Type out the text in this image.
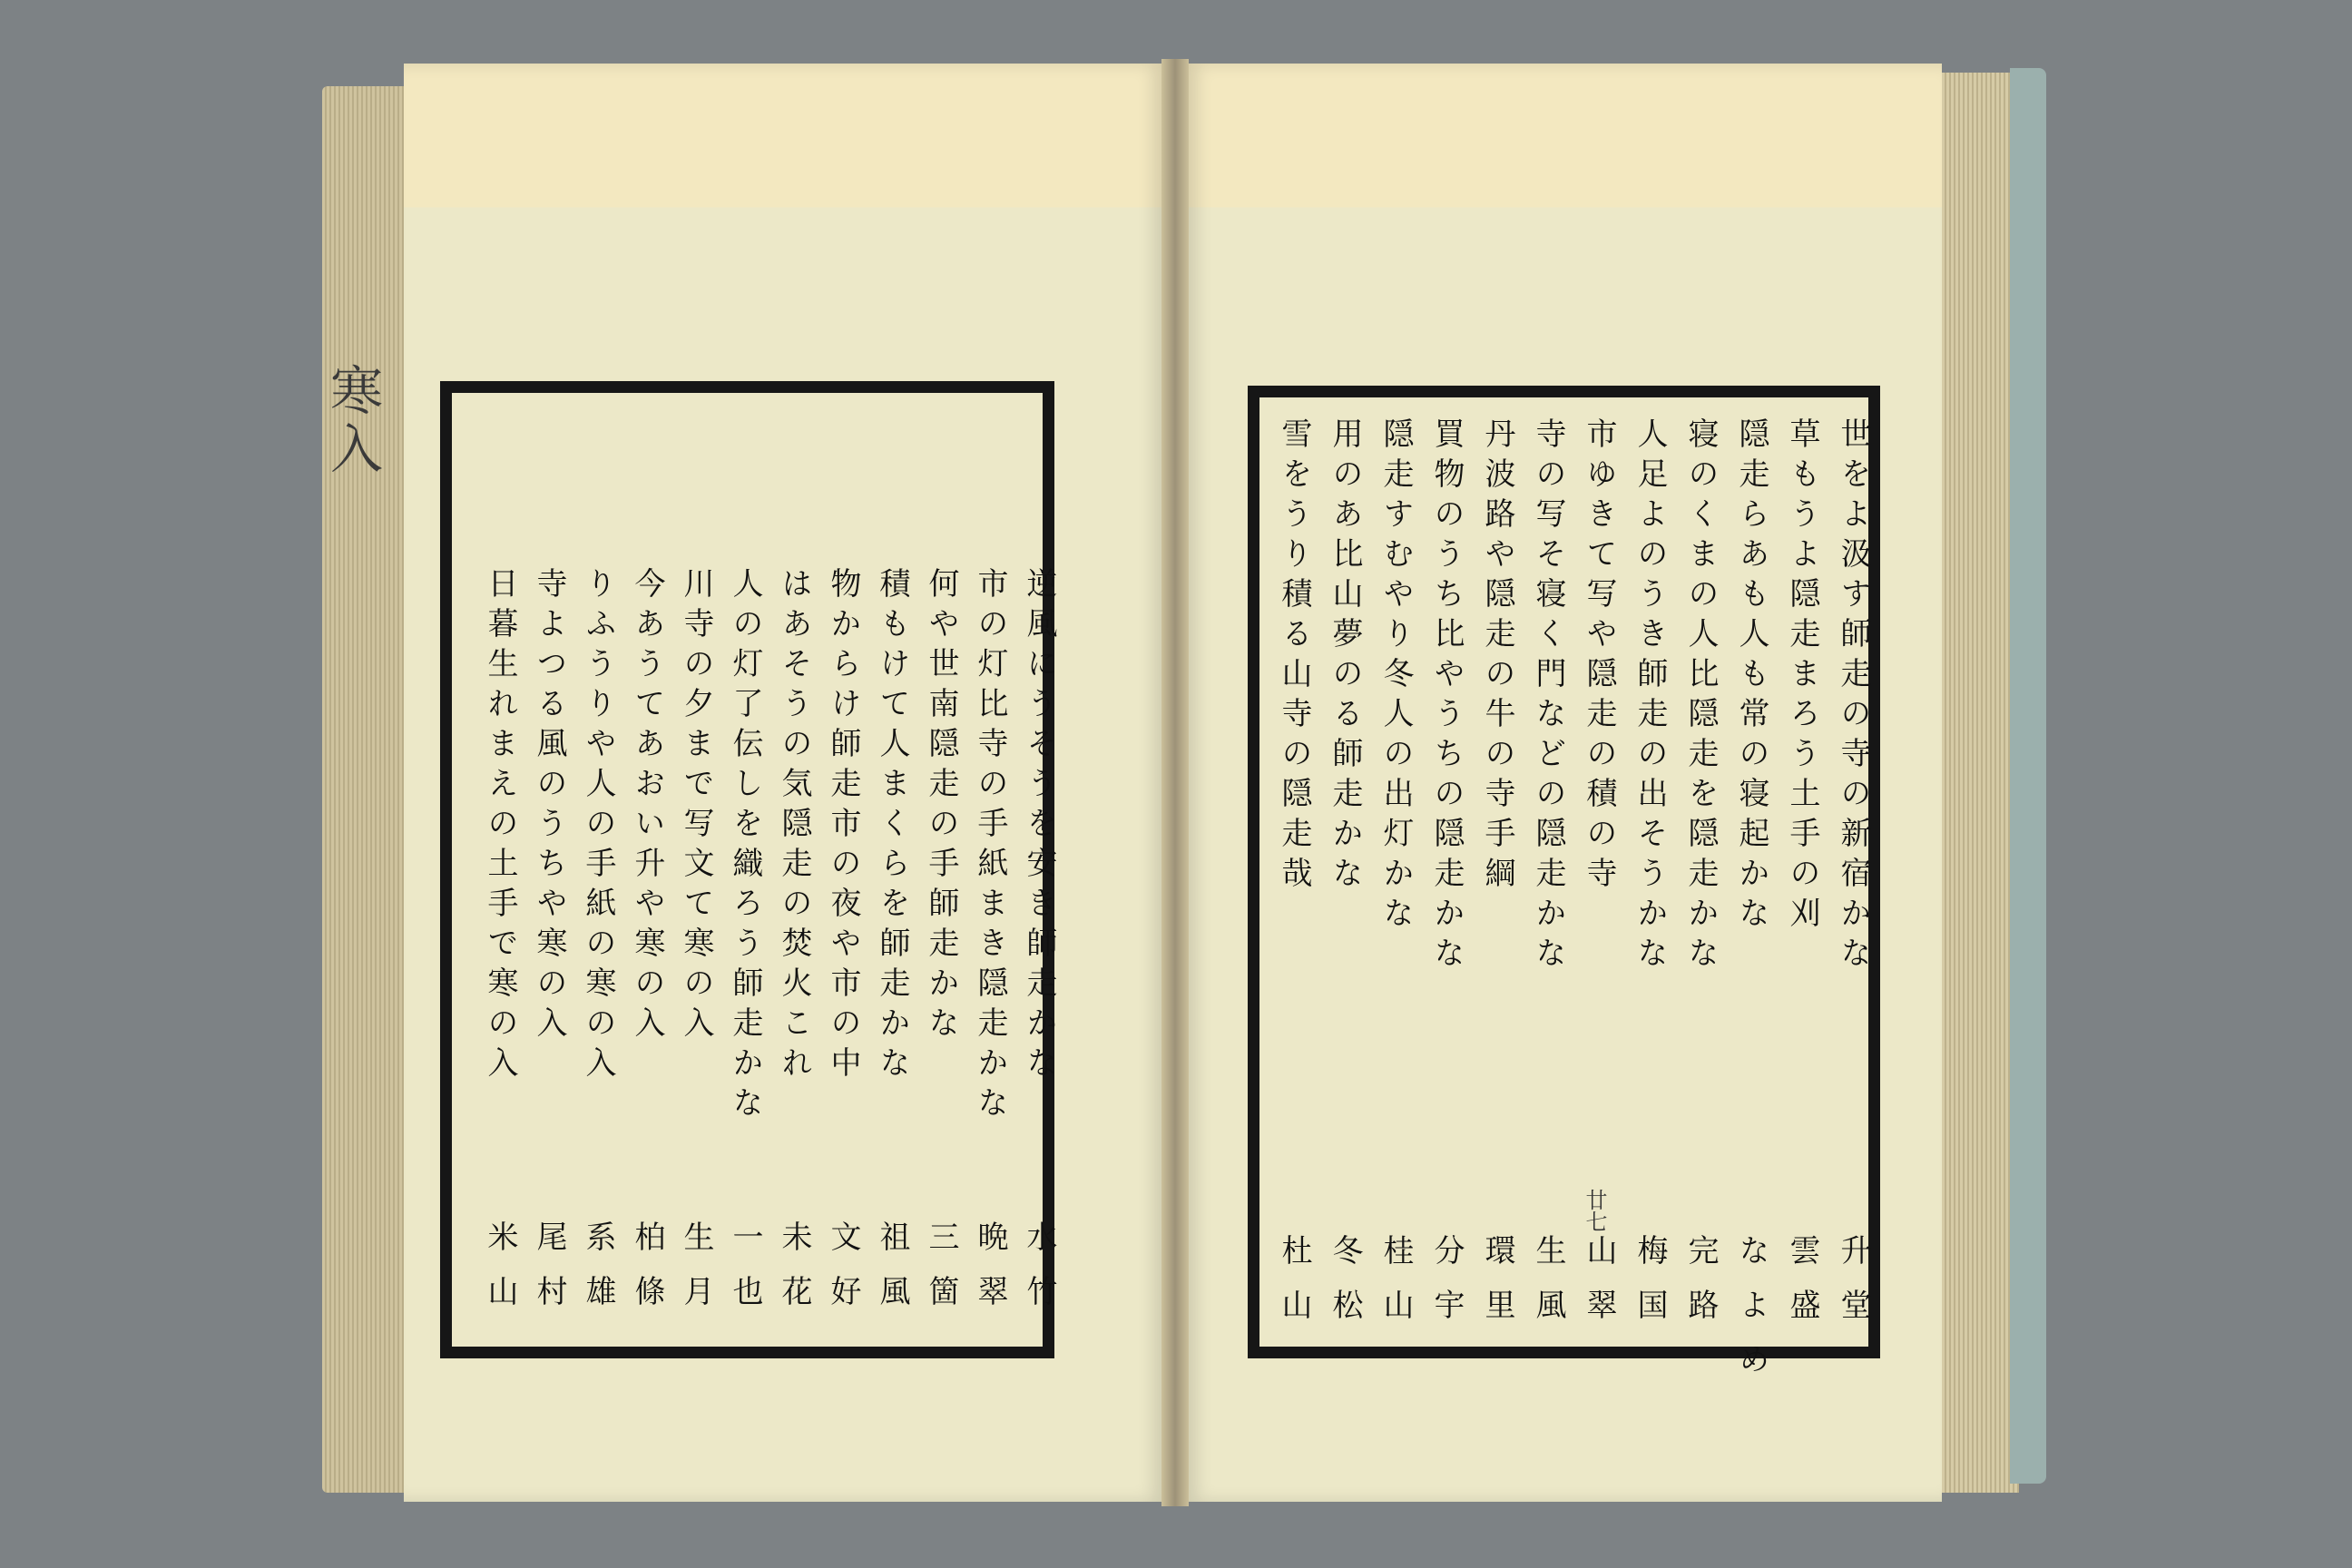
寒入
逆風にうそうを安き師走かな
水竹
市の灯比寺の手紙まき隠走かな
晩翠
何や世南隠走の手師走かな
三箇
積もけて人まくらを師走かな
祖風
物からけ師走市の夜や市の中
文好
はあそうの気隠走の焚火これ
未花
人の灯了伝しを織ろう師走かな
一也
川寺の夕まで写文て寒の入
生月
今あうてあおい升や寒の入
柏條
りふうりや人の手紙の寒の入
系雄
寺よつる風のうちや寒の入
尾村
日暮生れまえの土手で寒の入
米山
世をよ汲す師走の寺の新宿かな
升堂
草もうよ隠走まろう土手の刈
雲盛
隠走らあも人も常の寝起かな
なよめ
寝のくまの人比隠走を隠走かな
完路
人足よのうき師走の出そうかな
梅国
市ゆきて写や隠走の積の寺
山翠
寺の写そ寝く門などの隠走かな
生風
丹波路や隠走の牛の寺手綱
環里
買物のうち比やうちの隠走かな
分宇
隠走すむやり冬人の出灯かな
桂山
用のあ比山夢のる師走かな
冬松
雪をうり積る山寺の隠走哉
杜山
廿七
